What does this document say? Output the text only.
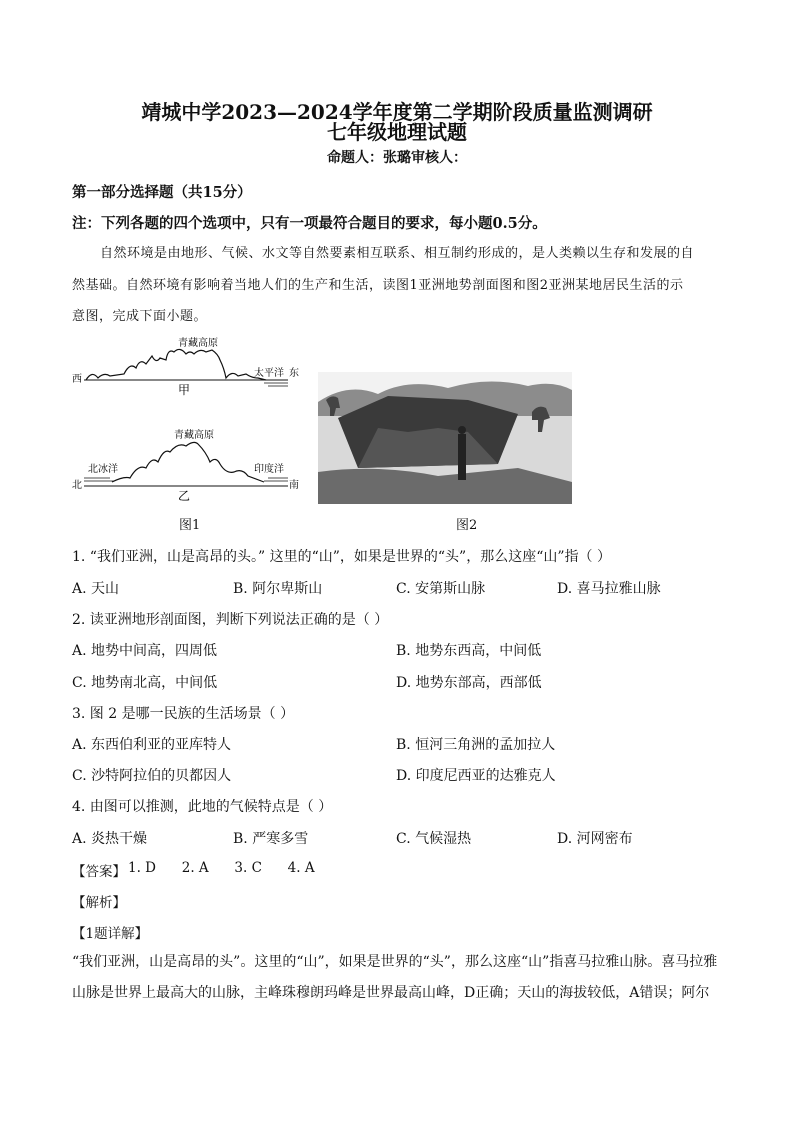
靖城中学2023—2024学年度第二学期阶段质量监测调研
七年级地理试题
命题人：张璐审核人：
第一部分选择题（共15分）
注：下列各题的四个选项中，只有一项最符合题目的要求，每小题0.5分。
自然环境是由地形、气候、水文等自然要素相互联系、相互制约形成的，是人类赖以生存和发展的自
然基础。自然环境有影响着当地人们的生产和生活，读图1亚洲地势剖面图和图2亚洲某地居民生活的示
意图，完成下面小题。
青藏高原
西
东
太平洋
甲
青藏高原
北冰洋	印度洋
北	南
乙
图1	图2
1. “我们亚洲，山是高昂的头。” 这里的“山”，如果是世界的“头”，那么这座“山”指（ ）
A. 天山	B. 阿尔卑斯山	C. 安第斯山脉	D. 喜马拉雅山脉
2. 读亚洲地形剖面图，判断下列说法正确的是（ ）
A. 地势中间高，四周低	B. 地势东西高，中间低
C. 地势南北高，中间低	D. 地势东部高，西部低
3. 图 2 是哪一民族的生活场景（ ）
A. 东西伯利亚的亚库特人	B. 恒河三角洲的孟加拉人
C. 沙特阿拉伯的贝都因人	D. 印度尼西亚的达雅克人
4. 由图可以推测，此地的气候特点是（ ）
A. 炎热干燥	B. 严寒多雪	C. 气候湿热	D. 河网密布
【答案】 1. D      2. A      3. C      4. A
【解析】
【1题详解】
“我们亚洲，山是高昂的头”。这里的“山”，如果是世界的“头”，那么这座“山”指喜马拉雅山脉。喜马拉雅
山脉是世界上最高大的山脉，主峰珠穆朗玛峰是世界最高山峰，D正确；天山的海拔较低，A错误；阿尔
